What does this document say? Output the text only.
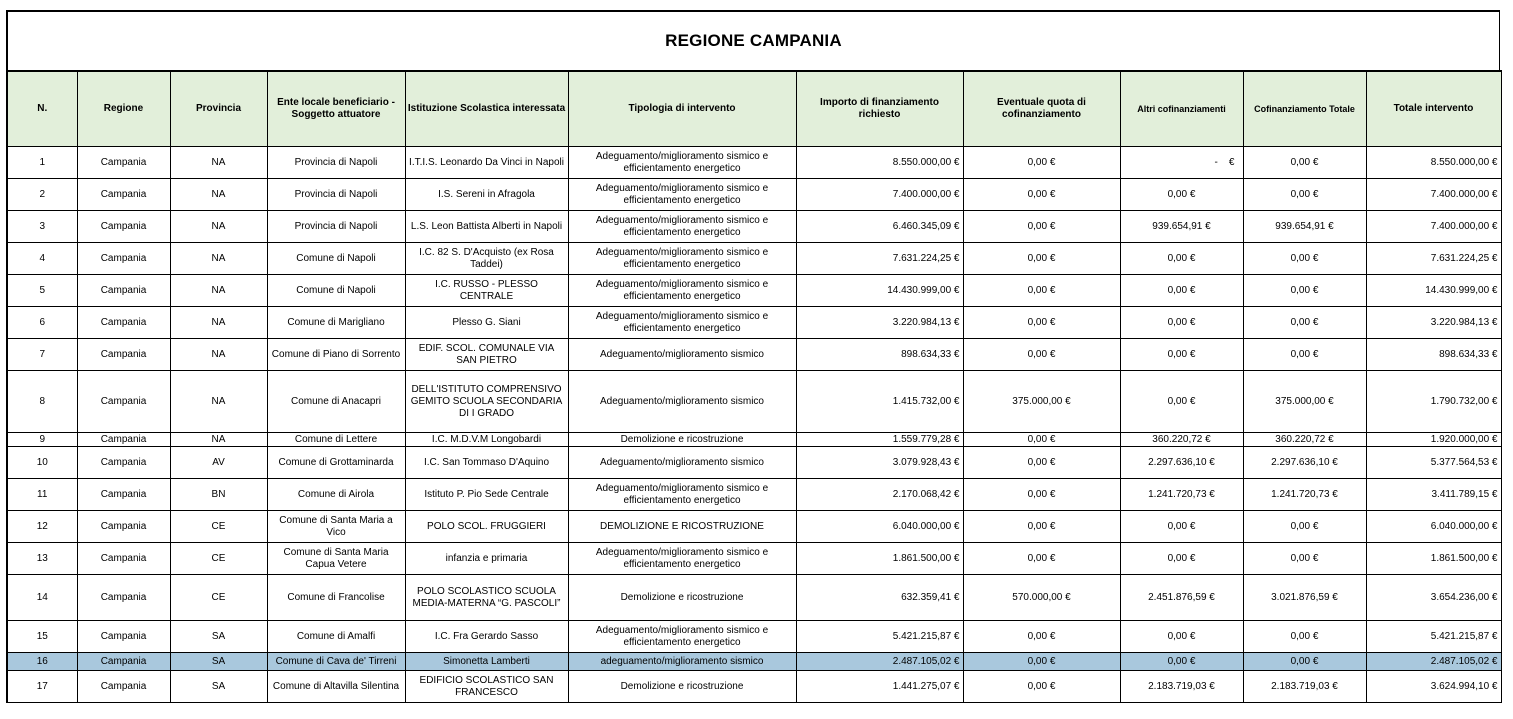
REGIONE CAMPANIA
N.	Regione	Provincia	Ente locale beneficiario - Soggetto attuatore	Istituzione Scolastica interessata	Tipologia di intervento	Importo di finanziamento richiesto	Eventuale quota di cofinanziamento	Altri cofinanziamenti	Cofinanziamento Totale	Totale intervento
1	Campania	NA	Provincia di Napoli	I.T.I.S. Leonardo Da Vinci in Napoli	Adeguamento/miglioramento sismico e efficientamento energetico	8.550.000,00 €	0,00 €	-    €	0,00 €	8.550.000,00 €
2	Campania	NA	Provincia di Napoli	I.S. Sereni in Afragola	Adeguamento/miglioramento sismico e efficientamento energetico	7.400.000,00 €	0,00 €	0,00 €	0,00 €	7.400.000,00 €
3	Campania	NA	Provincia di Napoli	L.S. Leon Battista Alberti in Napoli	Adeguamento/miglioramento sismico e efficientamento energetico	6.460.345,09 €	0,00 €	939.654,91 €	939.654,91 €	7.400.000,00 €
4	Campania	NA	Comune di Napoli	I.C. 82 S. D'Acquisto (ex Rosa Taddei)	Adeguamento/miglioramento sismico e efficientamento energetico	7.631.224,25 €	0,00 €	0,00 €	0,00 €	7.631.224,25 €
5	Campania	NA	Comune di Napoli	I.C. RUSSO - PLESSO CENTRALE	Adeguamento/miglioramento sismico e efficientamento energetico	14.430.999,00 €	0,00 €	0,00 €	0,00 €	14.430.999,00 €
6	Campania	NA	Comune di Marigliano	Plesso G. Siani	Adeguamento/miglioramento sismico e efficientamento energetico	3.220.984,13 €	0,00 €	0,00 €	0,00 €	3.220.984,13 €
7	Campania	NA	Comune di Piano di Sorrento	EDIF. SCOL. COMUNALE VIA SAN PIETRO	Adeguamento/miglioramento sismico	898.634,33 €	0,00 €	0,00 €	0,00 €	898.634,33 €
8	Campania	NA	Comune di Anacapri	DELL'ISTITUTO COMPRENSIVO GEMITO SCUOLA SECONDARIA DI I GRADO	Adeguamento/miglioramento sismico	1.415.732,00 €	375.000,00 €	0,00 €	375.000,00 €	1.790.732,00 €
9	Campania	NA	Comune di Lettere	I.C. M.D.V.M Longobardi	Demolizione e ricostruzione	1.559.779,28 €	0,00 €	360.220,72 €	360.220,72 €	1.920.000,00 €
10	Campania	AV	Comune di Grottaminarda	I.C. San Tommaso D'Aquino	Adeguamento/miglioramento sismico	3.079.928,43 €	0,00 €	2.297.636,10 €	2.297.636,10 €	5.377.564,53 €
11	Campania	BN	Comune di Airola	Istituto P. Pio Sede Centrale	Adeguamento/miglioramento sismico e efficientamento energetico	2.170.068,42 €	0,00 €	1.241.720,73 €	1.241.720,73 €	3.411.789,15 €
12	Campania	CE	Comune di Santa Maria a Vico	POLO SCOL. FRUGGIERI	DEMOLIZIONE E RICOSTRUZIONE	6.040.000,00 €	0,00 €	0,00 €	0,00 €	6.040.000,00 €
13	Campania	CE	Comune di Santa Maria Capua Vetere	infanzia e primaria	Adeguamento/miglioramento sismico e efficientamento energetico	1.861.500,00 €	0,00 €	0,00 €	0,00 €	1.861.500,00 €
14	Campania	CE	Comune di Francolise	POLO SCOLASTICO SCUOLA MEDIA-MATERNA “G. PASCOLI”	Demolizione e ricostruzione	632.359,41 €	570.000,00 €	2.451.876,59 €	3.021.876,59 €	3.654.236,00 €
15	Campania	SA	Comune di Amalfi	I.C. Fra Gerardo Sasso	Adeguamento/miglioramento sismico e efficientamento energetico	5.421.215,87 €	0,00 €	0,00 €	0,00 €	5.421.215,87 €
16	Campania	SA	Comune di Cava de' Tirreni	Simonetta Lamberti	adeguamento/miglioramento sismico	2.487.105,02 €	0,00 €	0,00 €	0,00 €	2.487.105,02 €
17	Campania	SA	Comune di Altavilla Silentina	EDIFICIO SCOLASTICO SAN FRANCESCO	Demolizione e ricostruzione	1.441.275,07 €	0,00 €	2.183.719,03 €	2.183.719,03 €	3.624.994,10 €
